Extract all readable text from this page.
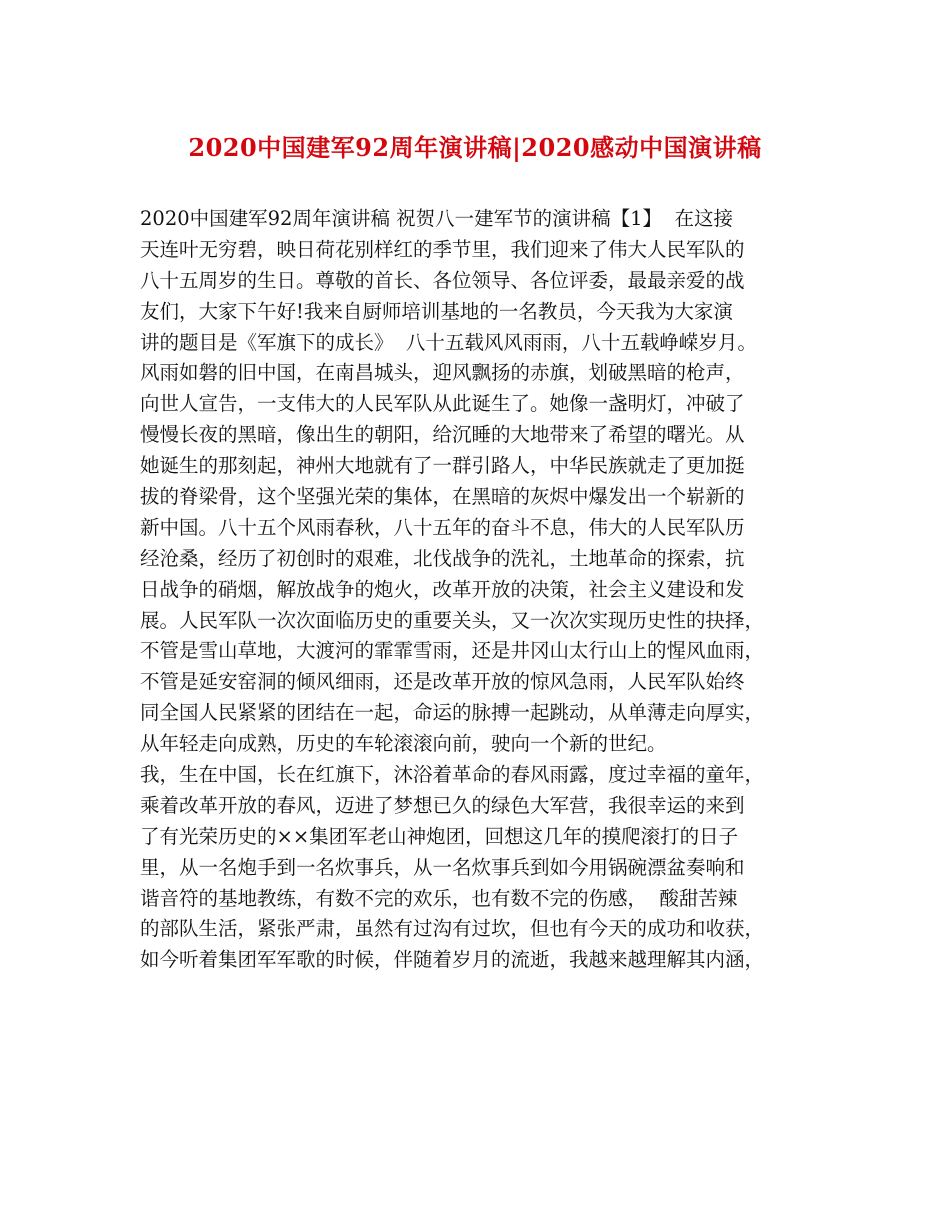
2020中国建军92周年演讲稿|2020感动中国演讲稿
2020中国建军92周年演讲稿 祝贺八一建军节的演讲稿【1】  在这接
天连叶无穷碧，映日荷花别样红的季节里，我们迎来了伟大人民军队的
八十五周岁的生日。尊敬的首长、各位领导、各位评委，最最亲爱的战
友们，大家下午好!我来自厨师培训基地的一名教员，今天我为大家演
讲的题目是《军旗下的成长》  八十五载风风雨雨，八十五载峥嵘岁月。
风雨如磐的旧中国，在南昌城头，迎风飘扬的赤旗，划破黑暗的枪声，
向世人宣告，一支伟大的人民军队从此诞生了。她像一盏明灯，冲破了
慢慢长夜的黑暗，像出生的朝阳，给沉睡的大地带来了希望的曙光。从
她诞生的那刻起，神州大地就有了一群引路人，中华民族就走了更加挺
拔的脊梁骨，这个坚强光荣的集体，在黑暗的灰烬中爆发出一个崭新的
新中国。八十五个风雨春秋，八十五年的奋斗不息，伟大的人民军队历
经沧桑，经历了初创时的艰难，北伐战争的洗礼，土地革命的探索，抗
日战争的硝烟，解放战争的炮火，改革开放的决策，社会主义建设和发
展。人民军队一次次面临历史的重要关头，又一次次实现历史性的抉择，
不管是雪山草地，大渡河的霏霏雪雨，还是井冈山太行山上的惺风血雨，
不管是延安窑洞的倾风细雨，还是改革开放的惊风急雨，人民军队始终
同全国人民紧紧的团结在一起，命运的脉搏一起跳动，从单薄走向厚实，
从年轻走向成熟，历史的车轮滚滚向前，驶向一个新的世纪。
我，生在中国，长在红旗下，沐浴着革命的春风雨露，度过幸福的童年，
乘着改革开放的春风，迈进了梦想已久的绿色大军营，我很幸运的来到
了有光荣历史的××集团军老山神炮团，回想这几年的摸爬滚打的日子
里，从一名炮手到一名炊事兵，从一名炊事兵到如今用锅碗漂盆奏响和
谐音符的基地教练，有数不完的欢乐，也有数不完的伤感，  酸甜苦辣
的部队生活，紧张严肃，虽然有过沟有过坎，但也有今天的成功和收获，
如今听着集团军军歌的时候，伴随着岁月的流逝，我越来越理解其内涵，
